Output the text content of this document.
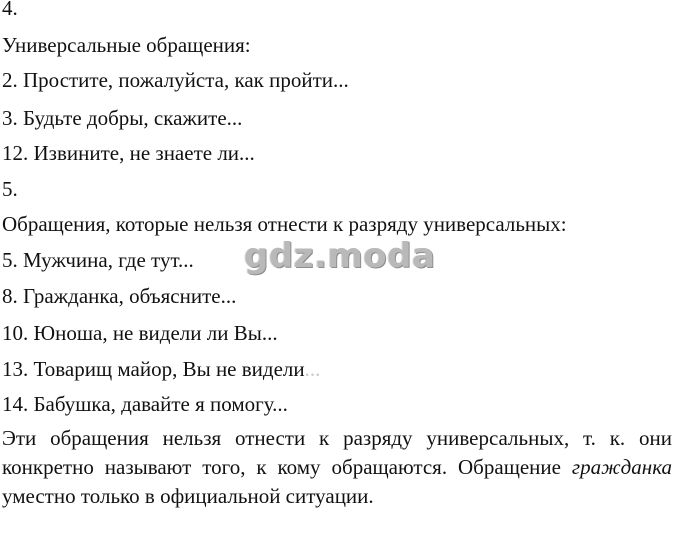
4.
Универсальные обращения:
2. Простите, пожалуйста, как пройти...
3. Будьте добры, скажите...
12. Извините, не знаете ли...
5.
Обращения, которые нельзя отнести к разряду универсальных:
5. Мужчина, где тут...
8. Гражданка, объясните...
10. Юноша, не видели ли Вы...
13. Товарищ майор, Вы не видели...
14. Бабушка, давайте я помогу...
Эти обращения нельзя отнести к разряду универсальных, т. к. они конкретно называют того, к кому обращаются. Обращение гражданка уместно только в официальной ситуации.
gdz.moda
